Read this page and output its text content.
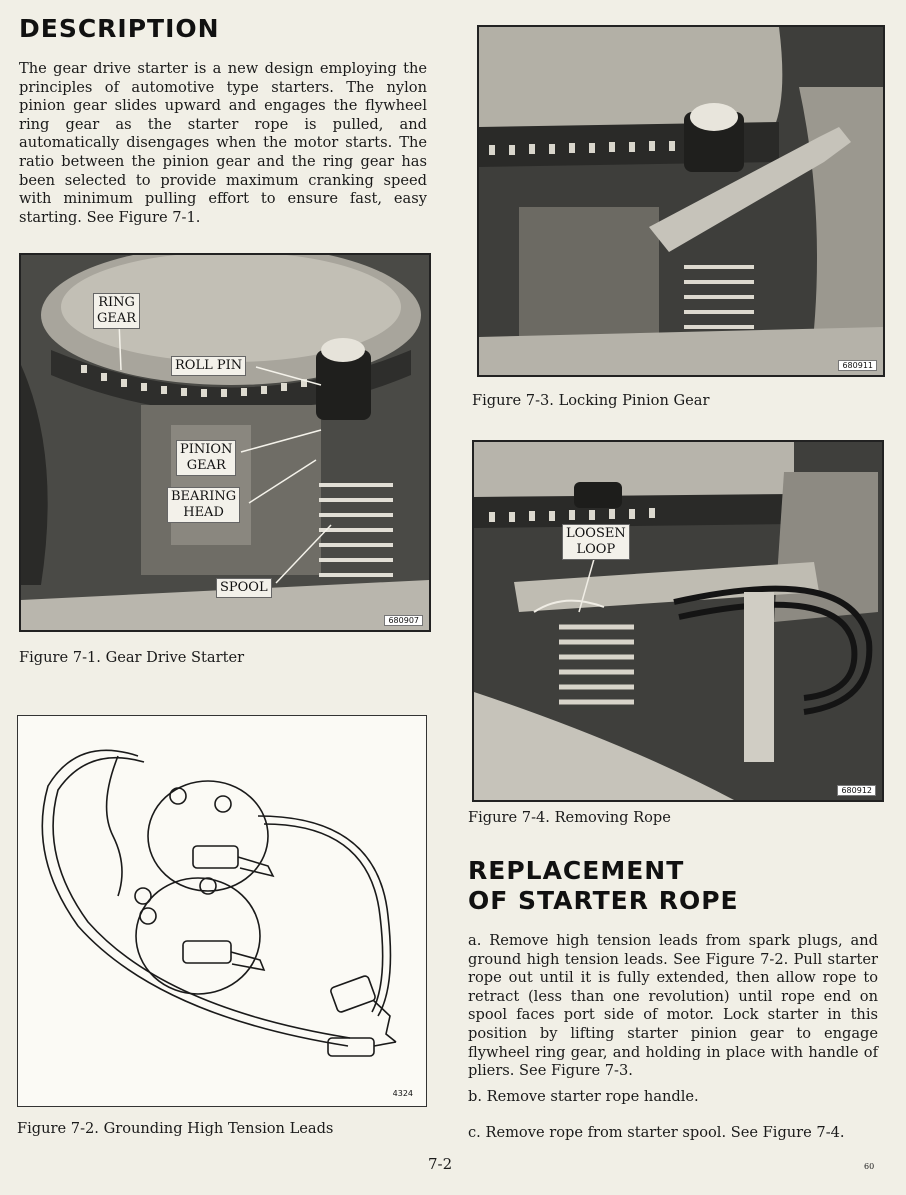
DESCRIPTION
The gear drive starter is a new design employing the principles of automotive type starters. The nylon pinion gear slides upward and engages the flywheel ring gear as the starter rope is pulled, and automatically disengages when the motor starts. The ratio between the pinion gear and the ring gear has been selected to provide maximum cranking speed with minimum pulling effort to ensure fast, easy starting. See Figure 7-1.
RING
GEAR
ROLL PIN
PINION
GEAR
BEARING
HEAD
SPOOL
680907
Figure 7-1. Gear Drive Starter
4324
Figure 7-2. Grounding High Tension Leads
680911
Figure 7-3. Locking Pinion Gear
LOOSEN
LOOP
680912
Figure 7-4. Removing Rope
REPLACEMENT
OF STARTER ROPE
a. Remove high tension leads from spark plugs, and ground high tension leads. See Figure 7-2. Pull starter rope out until it is fully extended, then allow rope to retract (less than one revolution) until rope end on spool faces port side of motor. Lock starter in this position by lifting starter pinion gear to engage flywheel ring gear, and holding in place with handle of pliers. See Figure 7-3.
b. Remove starter rope handle.
c. Remove rope from starter spool. See Figure 7-4.
7-2	60
